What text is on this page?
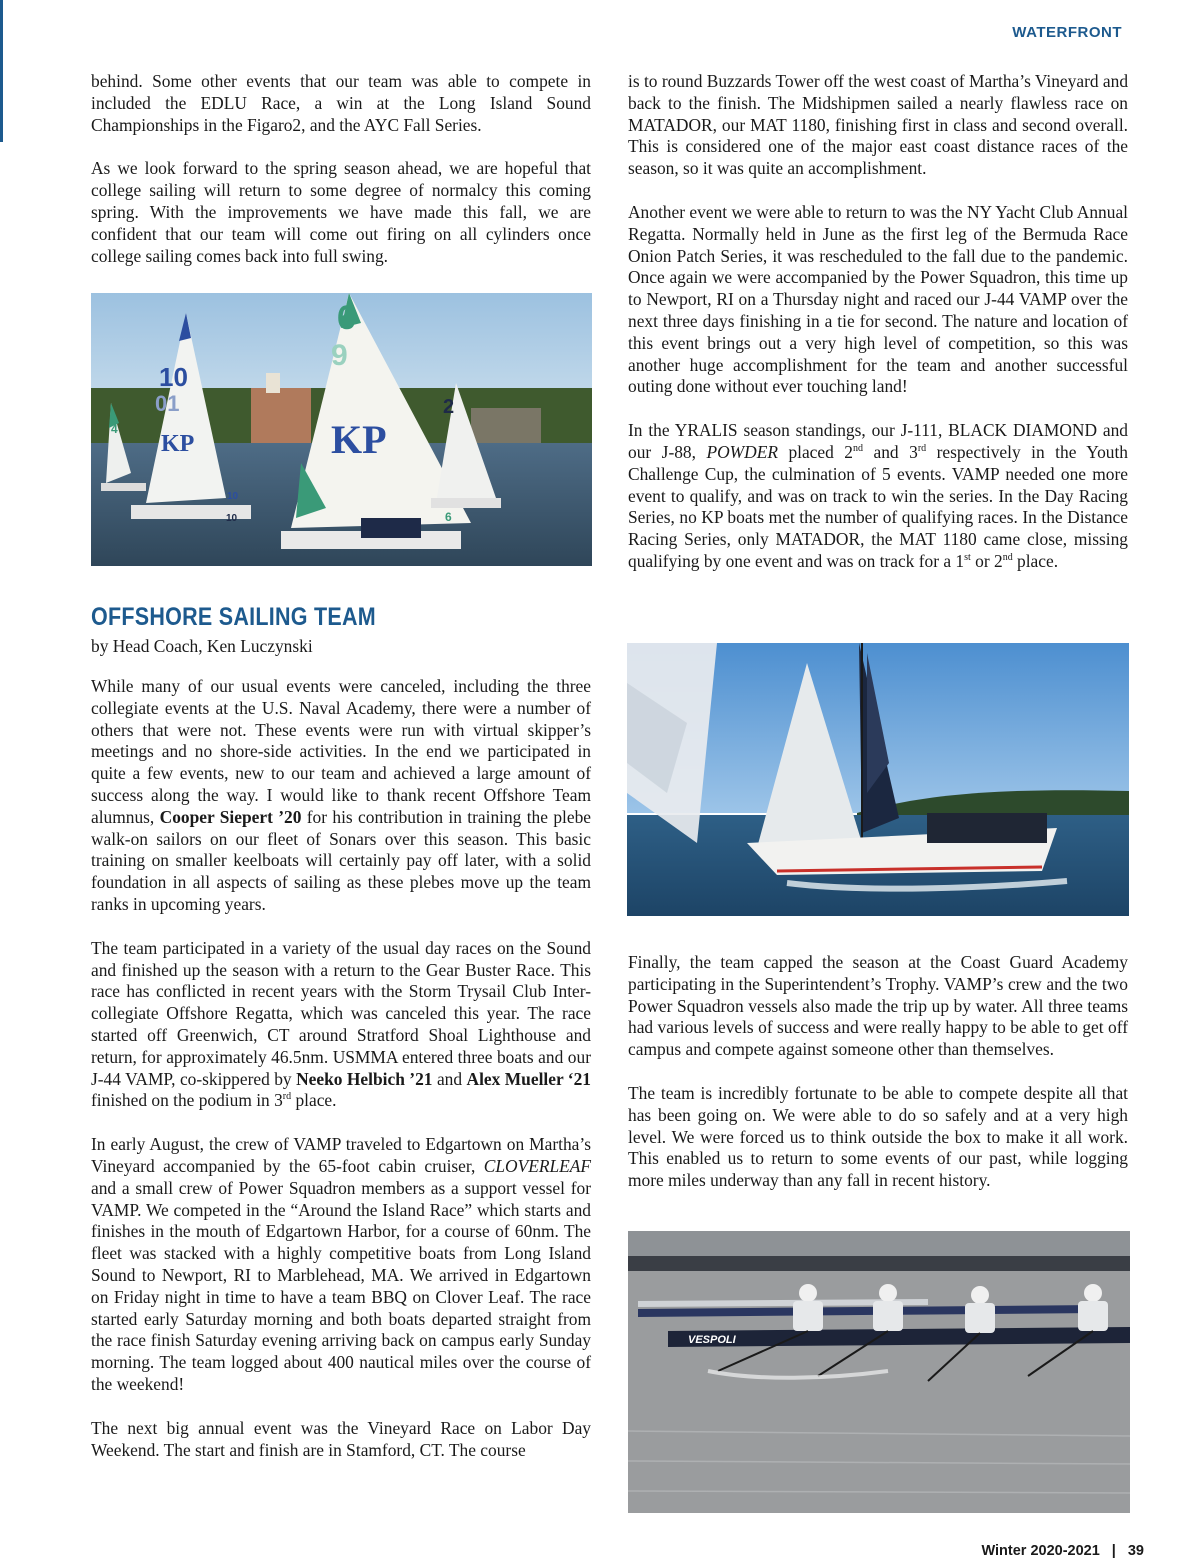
WATERFRONT

behind. Some other events that our team was able to compete in included the EDLU Race, a win at the Long Island Sound Championships in the Figaro2, and the AYC Fall Series.

As we look forward to the spring season ahead, we are hopeful that college sailing will return to some degree of normalcy this coming spring. With the improvements we have made this fall, we are confident that our team will come out firing on all cylinders once college sailing comes back into full swing.

10
01
KP
6
9
KP
2
4
10
10	6
OFFSHORE SAILING TEAM

by Head Coach, Ken Luczynski

While many of our usual events were canceled, including the three collegiate events at the U.S. Naval Academy, there were a number of others that were not. These events were run with virtual skipper’s meetings and no shore-side activities. In the end we participated in quite a few events, new to our team and achieved a large amount of success along the way. I would like to thank recent Offshore Team alumnus, Cooper Siepert ’20 for his contribution in training the plebe walk-on sailors on our fleet of Sonars over this season. This basic training on smaller keelboats will certainly pay off later, with a solid foundation in all aspects of sailing as these plebes move up the team ranks in upcoming years.

The team participated in a variety of the usual day races on the Sound and finished up the season with a return to the Gear Buster Race. This race has conflicted in recent years with the Storm Trysail Club Inter-collegiate Offshore Regatta, which was canceled this year. The race started off Greenwich, CT around Stratford Shoal Lighthouse and return, for approximately 46.5nm. USMMA entered three boats and our J-44 VAMP, co-skippered by Neeko Helbich ’21 and Alex Mueller ‘21 finished on the podium in 3rd place.

In early August, the crew of VAMP traveled to Edgartown on Martha’s Vineyard accompanied by the 65-foot cabin cruiser, CLOVERLEAF and a small crew of Power Squadron members as a support vessel for VAMP. We competed in the “Around the Island Race” which starts and finishes in the mouth of Edgartown Harbor, for a course of 60nm. The fleet was stacked with a highly competitive boats from Long Island Sound to Newport, RI to Marblehead, MA. We arrived in Edgartown on Friday night in time to have a team BBQ on Clover Leaf. The race started early Saturday morning and both boats departed straight from the race finish Saturday evening arriving back on campus early Sunday morning. The team logged about 400 nautical miles over the course of the weekend!

The next big annual event was the Vineyard Race on Labor Day Weekend. The start and finish are in Stamford, CT. The course

is to round Buzzards Tower off the west coast of Martha’s Vineyard and back to the finish. The Midshipmen sailed a nearly flawless race on MATADOR, our MAT 1180, finishing first in class and second overall. This is considered one of the major east coast distance races of the season, so it was quite an accomplishment.

Another event we were able to return to was the NY Yacht Club Annual Regatta. Normally held in June as the first leg of the Bermuda Race Onion Patch Series, it was rescheduled to the fall due to the pandemic. Once again we were accompanied by the Power Squadron, this time up to Newport, RI on a Thursday night and raced our J-44 VAMP over the next three days finishing in a tie for second. The nature and location of this event brings out a very high level of competition, so this was another huge accomplishment for the team and another successful outing done without ever touching land!

In the YRALIS season standings, our J-111, BLACK DIAMOND and our J-88, POWDER placed 2nd and 3rd respectively in the Youth Challenge Cup, the culmination of 5 events. VAMP needed one more event to qualify, and was on track to win the series. In the Day Racing Series, no KP boats met the number of qualifying races. In the Distance Racing Series, only MATADOR, the MAT 1180 came close, missing qualifying by one event and was on track for a 1st or 2nd place.

Finally, the team capped the season at the Coast Guard Academy participating in the Superintendent’s Trophy. VAMP’s crew and the two Power Squadron vessels also made the trip up by water. All three teams had various levels of success and were really happy to be able to get off campus and compete against someone other than themselves.

The team is incredibly fortunate to be able to compete despite all that has been going on. We were able to do so safely and at a very high level. We were forced us to think outside the box to make it all work. This enabled us to return to some events of our past, while logging more miles underway than any fall in recent history.

VESPOLI
Winter 2020-2021 | 39
